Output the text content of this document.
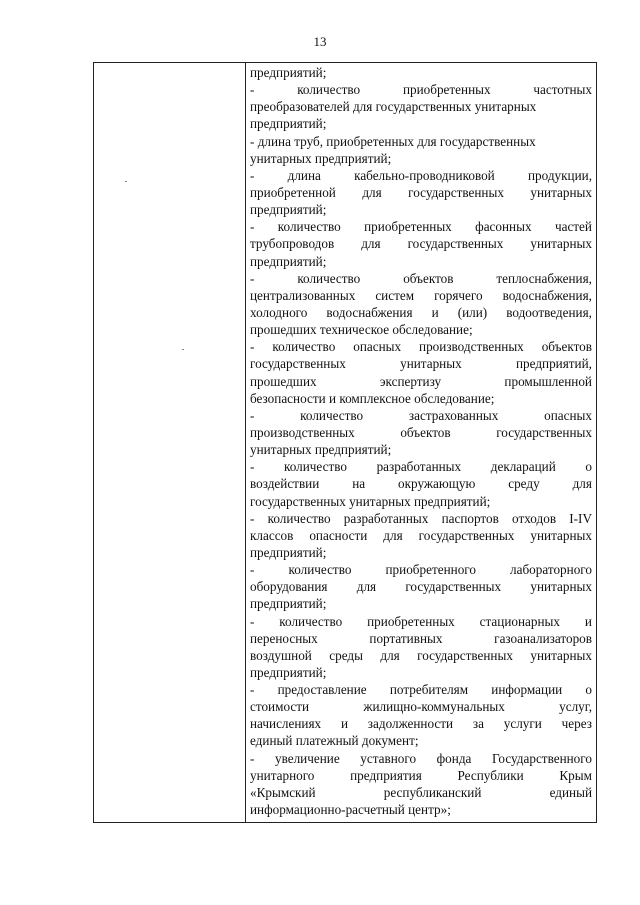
13
предприятий;
-	количество	приобретенных	частотных
преобразователей для государственных унитарных
предприятий;
- длина труб, приобретенных для государственных
унитарных предприятий;
-	длина	кабельно-проводниковой	продукции,
приобретенной для государственных унитарных
предприятий;
- количество приобретенных фасонных частей
трубопроводов для государственных унитарных
предприятий;
-	количество	объектов	теплоснабжения,
централизованных систем горячего водоснабжения,
холодного водоснабжения и (или) водоотведения,
прошедших техническое обследование;
- количество опасных производственных объектов
государственных	унитарных	предприятий,
прошедших	экспертизу	промышленной
безопасности и комплексное обследование;
-	количество	застрахованных	опасных
производственных	объектов	государственных
унитарных предприятий;
- количество разработанных деклараций о
воздействии на окружающую среду для
государственных унитарных предприятий;
- количество разработанных паспортов отходов I-IV
классов опасности для государственных унитарных
предприятий;
-	количество	приобретенного	лабораторного
оборудования для государственных унитарных
предприятий;
- количество приобретенных стационарных и
переносных	портативных	газоанализаторов
воздушной среды для государственных унитарных
предприятий;
- предоставление потребителям информации о
стоимости	жилищно-коммунальных	услуг,
начислениях и задолженности за услуги через
единый платежный документ;
- увеличение уставного фонда Государственного
унитарного	предприятия	Республики	Крым
«Крымский	республиканский	единый
информационно-расчетный центр»;
